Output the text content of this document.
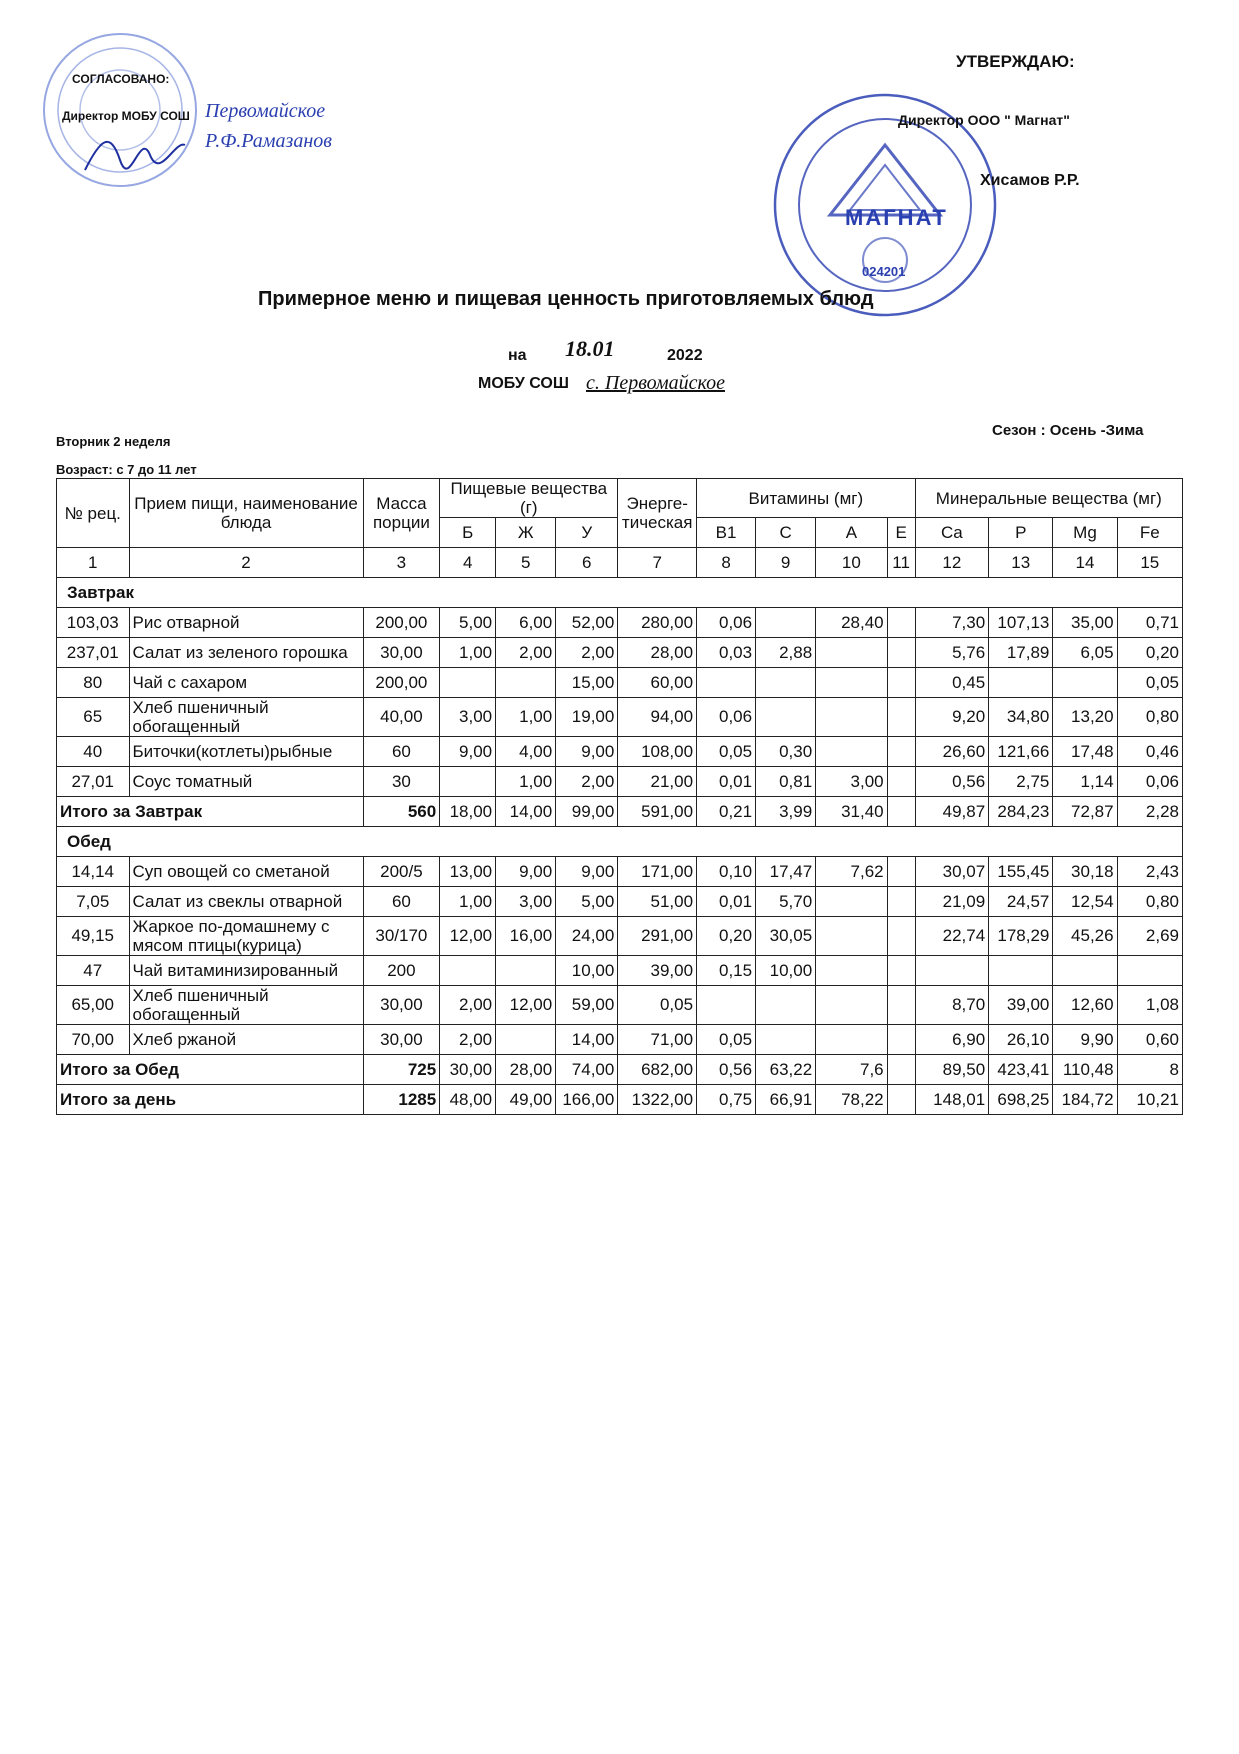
СОГЛАСОВАНО:
Директор МОБУ СОШ Первомайское Р.Ф.Рамазанов
УТВЕРЖДАЮ:
МАГНАТ
024201
Директор ООО " Магнат"
Хисамов Р.Р.
Примерное меню и пищевая ценность приготовляемых блюд
на 18.01	2022
МОБУ СОШ с. Первомайское
Вторник 2 неделя
Сезон : Осень -Зима
Возраст: с 7 до 11 лет
№ рец.	Прием пищи, наименование блюда	Масса порции	Пищевые вещества (г)			Энерге-тическая	Витамины (мг)				Минеральные вещества (мг)			
			Б	Ж	У		В1	С	А	Е	Ca	P	Mg	Fe
1	2	3	4	5	6	7	8	9	10	11	12	13	14	15
Завтрак														
103,03	Рис отварной	200,00	5,00	6,00	52,00	280,00	0,06		28,40		7,30	107,13	35,00	0,71
237,01	Салат из зеленого горошка	30,00	1,00	2,00	2,00	28,00	0,03	2,88			5,76	17,89	6,05	0,20
80	Чай с сахаром	200,00			15,00	60,00					0,45			0,05
65	Хлеб пшеничный обогащенный	40,00	3,00	1,00	19,00	94,00	0,06				9,20	34,80	13,20	0,80
40	Биточки(котлеты)рыбные	60	9,00	4,00	9,00	108,00	0,05	0,30			26,60	121,66	17,48	0,46
27,01	Соус томатный	30		1,00	2,00	21,00	0,01	0,81	3,00		0,56	2,75	1,14	0,06
Итого за Завтрак		560	18,00	14,00	99,00	591,00	0,21	3,99	31,40		49,87	284,23	72,87	2,28
Обед														
14,14	Суп овощей со сметаной	200/5	13,00	9,00	9,00	171,00	0,10	17,47	7,62		30,07	155,45	30,18	2,43
7,05	Салат из свеклы отварной	60	1,00	3,00	5,00	51,00	0,01	5,70			21,09	24,57	12,54	0,80
49,15	Жаркое по-домашнему с мясом птицы(курица)	30/170	12,00	16,00	24,00	291,00	0,20	30,05			22,74	178,29	45,26	2,69
47	Чай витаминизированный	200			10,00	39,00	0,15	10,00						
65,00	Хлеб пшеничный обогащенный	30,00	2,00	12,00	59,00	0,05					8,70	39,00	12,60	1,08
70,00	Хлеб ржаной	30,00	2,00		14,00	71,00	0,05				6,90	26,10	9,90	0,60
Итого за Обед		725	30,00	28,00	74,00	682,00	0,56	63,22	7,6		89,50	423,41	110,48	8
Итого за день		1285	48,00	49,00	166,00	1322,00	0,75	66,91	78,22		148,01	698,25	184,72	10,21
